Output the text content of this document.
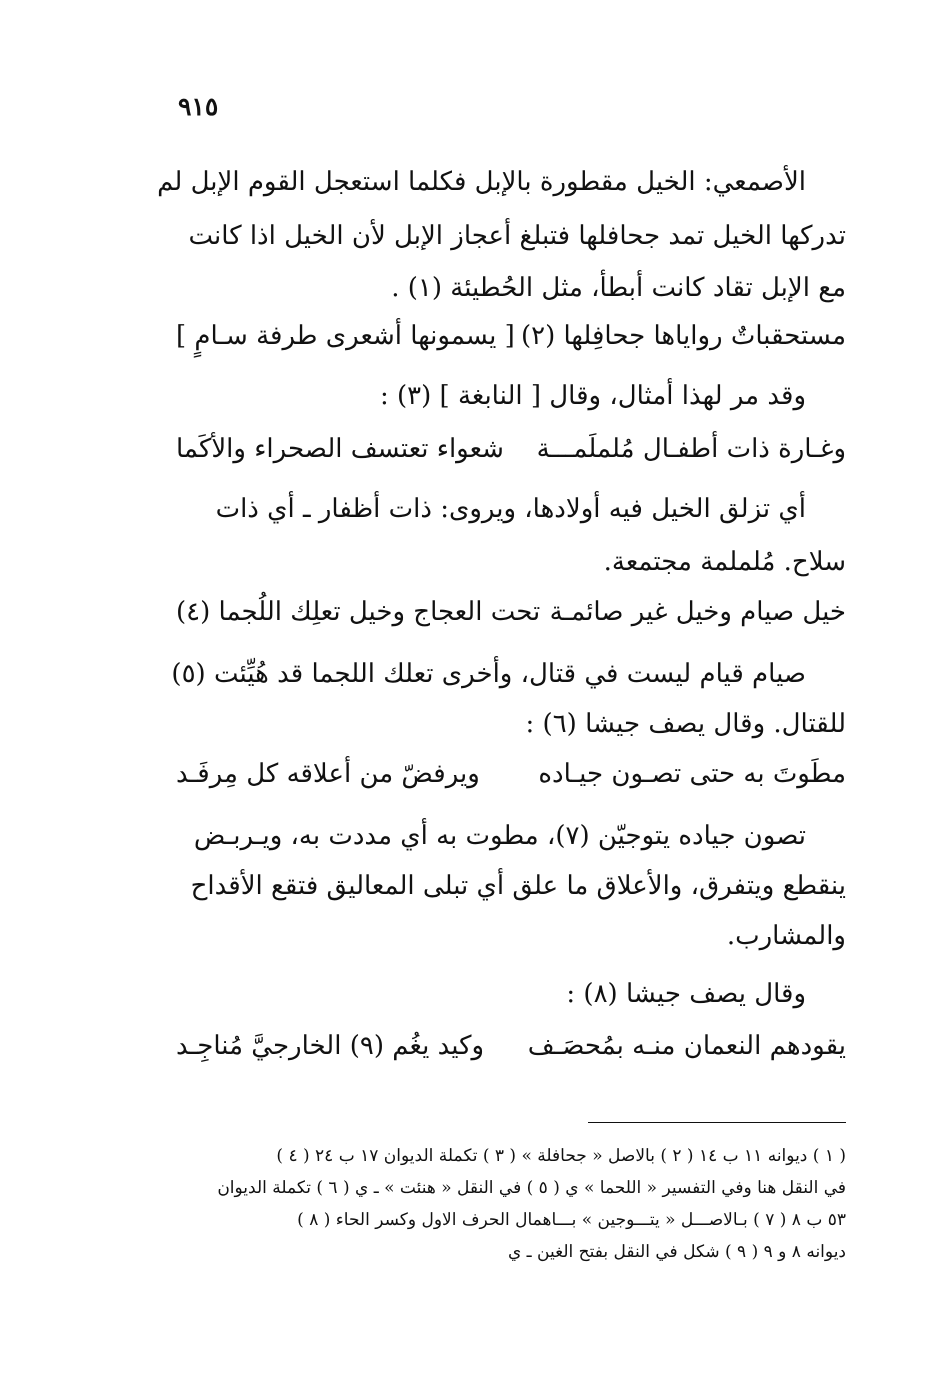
٩١٥
الأصمعي: الخيل مقطورة بالإبل فكلما استعجل القوم الإبل لم
تدركها الخيل تمد جحافلها فتبلغ أعجاز الإبل لأن الخيل اذا كانت
مع الإبل تقاد كانت أبطأ، مثل الحُطيئة (١) .
مستحقباتٌ رواياها جحافِلها (٢)
[ يسمونها أشعرى طرفة سـامٍ ]
وقد مر لهذا أمثال، وقال [ النابغة ] (٣) :
وغـارة ذات أطفـال مُلملَمـــة
شعواء تعتسف الصحراء والأكَما
أي تزلق الخيل فيه أولادها، ويروى: ذات أظفار ـ أي ذات
سلاح. مُلملمة مجتمعة.
خيل صيام وخيل غير صائمـة
تحت العجاج وخيل تعلِك اللُجما (٤)
صيام قيام ليست في قتال، وأخرى تعلك اللجما قد هُيِّئت (٥)
للقتال. وقال يصف جيشا (٦) :
مطَوتَ به حتى تصـون جيـاده
ويرفضّ من أعلاقه كل مِرفَـد
تصون جياده يتوجيّن (٧)، مطوت به أي مددت به، ويـربـض
ينقطع ويتفرق، والأعلاق ما علق أي تبلى المعاليق فتقع الأقداح
والمشارب.
وقال يصف جيشا (٨) :
يقودهم النعمان منـه بمُحصَـف
وكيد يغُم (٩) الخارجيَّ مُناجِـد
( ١ ) ديوانه ١١ ب ١٤ ( ٢ ) بالاصل « جحافلة » ( ٣ ) تكملة الديوان ١٧ ب ٢٤ ( ٤ )
في النقل هنا وفي التفسير « اللحما » ي ( ٥ ) في النقل « هنئت » ـ ي ( ٦ ) تكملة الديوان
٥٣ ب ٨ ( ٧ ) بـالاصـــل « يتـــوجين » بـــاهمال الحرف الاول وكسر الحاء ( ٨ )
ديوانه ٨ و ٩ ( ٩ ) شكل في النقل بفتح الغين ـ ي
